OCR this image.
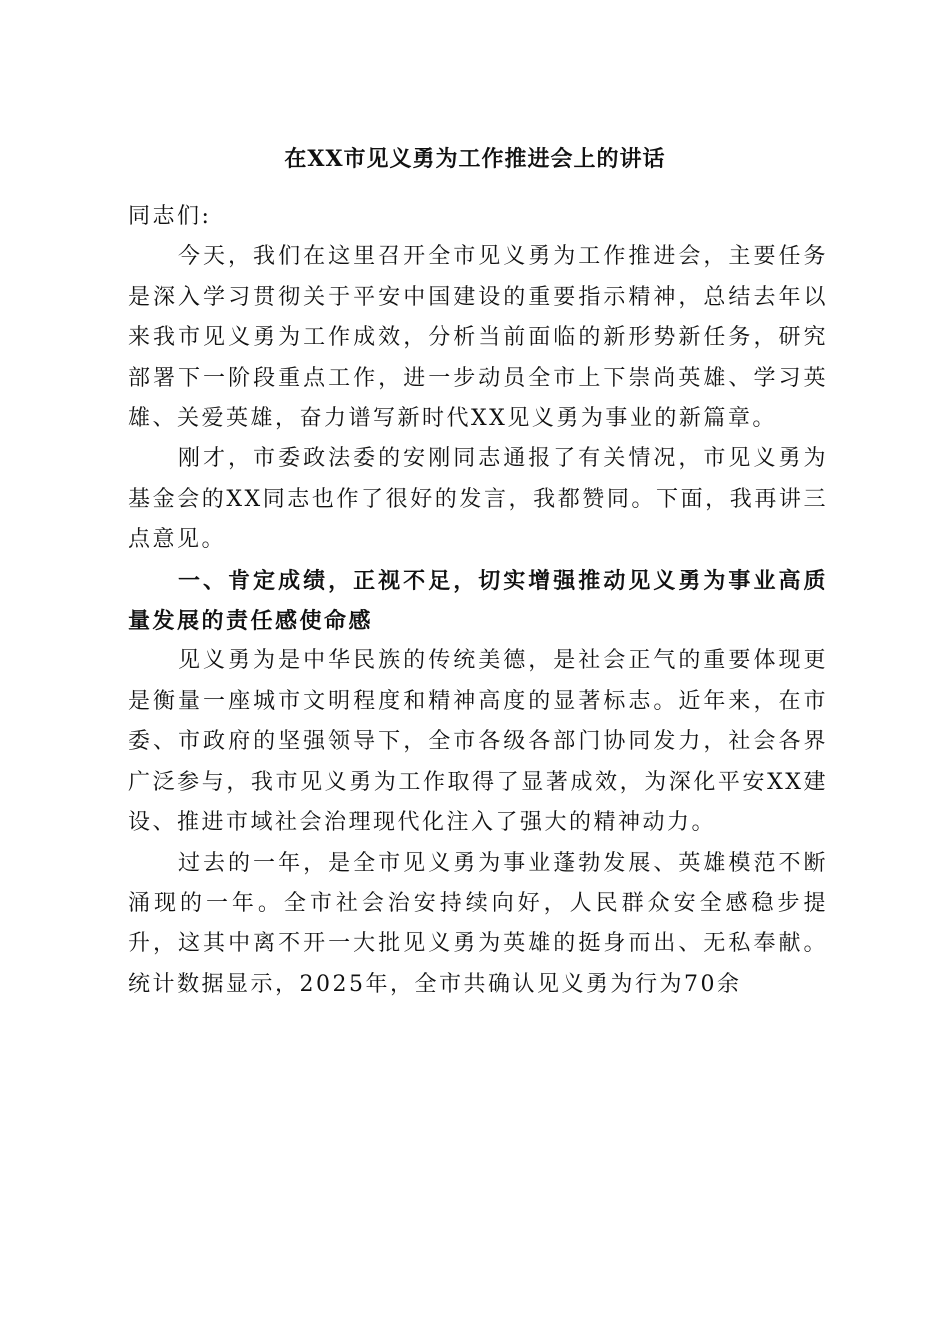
在XX市见义勇为工作推进会上的讲话

同志们:

今天，我们在这里召开全市见义勇为工作推进会，主要任务是深入学习贯彻关于平安中国建设的重要指示精神，总结去年以来我市见义勇为工作成效，分析当前面临的新形势新任务，研究部署下一阶段重点工作，进一步动员全市上下崇尚英雄、学习英雄、关爱英雄，奋力谱写新时代XX见义勇为事业的新篇章。

刚才，市委政法委的安刚同志通报了有关情况，市见义勇为基金会的XX同志也作了很好的发言，我都赞同。下面，我再讲三点意见。

一、肯定成绩，正视不足，切实增强推动见义勇为事业高质量发展的责任感使命感

见义勇为是中华民族的传统美德，是社会正气的重要体现更是衡量一座城市文明程度和精神高度的显著标志。近年来，在市委、市政府的坚强领导下，全市各级各部门协同发力，社会各界广泛参与，我市见义勇为工作取得了显著成效，为深化平安XX建设、推进市域社会治理现代化注入了强大的精神动力。

过去的一年，是全市见义勇为事业蓬勃发展、英雄模范不断涌现的一年。全市社会治安持续向好，人民群众安全感稳步提升，这其中离不开一大批见义勇为英雄的挺身而出、无私奉献。统计数据显示，2025年，全市共确认见义勇为行为70余
